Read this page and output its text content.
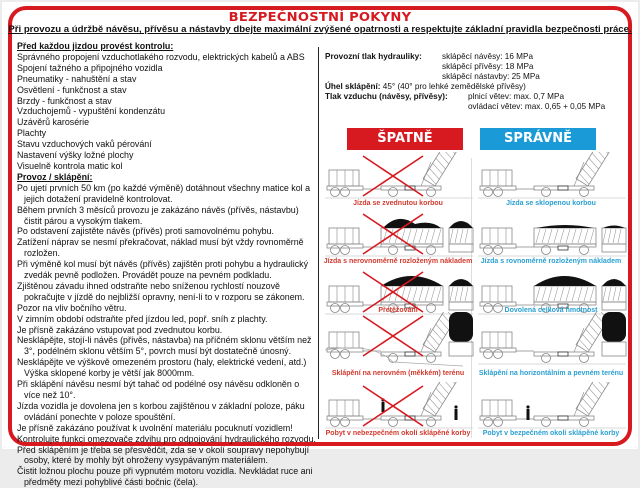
BEZPEČNOSTNÍ POKYNY
Při provozu a údržbě návěsu, přívěsu a nástavby dbejte maximální zvýšené opatrnosti a respektujte základní pravidla bezpečnosti práce.
Před každou jizdou provést kontrolu:
Správného propojení vzduchotlakého rozvodu, elektrických kabelů a ABS
Spojení tažného a připojného vozidla
Pneumatiky - nahuštění a stav
Osvětlení - funkčnost a stav
Brzdy - funkčnost a stav
Vzduchojemů - vypuštění kondenzátu
Uzávěrů karosérie
Plachty
Stavu vzduchových vaků pérování
Nastavení výšky ložné plochy
Visuelně kontrola matic kol
Provoz / sklápění:
Po ujetí prvních 50 km (po každé výměně) dotáhnout všechny matice kol a jejich dotažení pravidelně kontrolovat.
Během prvních 3 měsíců provozu je zakázáno návěs (přívěs, nástavbu) čistit párou a vysokým tlakem.
Po odstavení zajistěte návěs (přívěs) proti samovolnému pohybu.
Zatížení náprav se nesmí překračovat, náklad musí být vždy rovnoměrně rozložen.
Při výměně kol musí být návěs (přívěs) zajištěn proti pohybu a hydraulický zvedák pevně podložen. Provádět pouze na pevném podkladu.
Zjištěnou závadu ihned odstraňte nebo sníženou rychlostí nouzově pokračujte v jízdě do nejbližší opravny, není-li to v rozporu se zákonem.
Pozor na vliv bočního větru.
V zimním období odstraňte před jízdou led, popř. sníh z plachty.
Je přísně zakázáno vstupovat pod zvednutou korbu.
Nesklápějte, stojí-li návěs (přívěs, nástavba) na příčném sklonu větším než 3°, podélném sklonu větším 5°, povrch musí být dostatečně únosný.
Nesklápějte ve výškově omezeném prostoru (haly, elektrické vedení, atd.) Výška sklopené korby je větší jak 8000mm.
Při sklápění návěsu nesmí být tahač od podélné osy návěsu odkloněn o více než 10°.
Jízda vozidla je dovolena jen s korbou zajištěnou v základní poloze, páku ovládání ponechte v poloze spouštění.
Je přísně zakázáno používat k uvolnění materiálu pocuknutí vozidlem!
Kontrolujte funkci omezovače zdvihu pro odpojování hydraulického rozvodu.
Před sklápěním je třeba se přesvědčit, zda se v okolí soupravy nepohybují osoby, které by mohly být ohroženy vysypávaným materiálem.
Čistit ložnou plochu pouze při vypnutém motoru vozidla. Nevkládat ruce ani předměty mezi pohyblivé části bočnic (čela).
Provozní tlak hydrauliky: sklápěcí návěsy: 16 MPa
sklápěcí přívěsy: 18 MPa
sklápěcí nástavby: 25 MPa
Úhel sklápění: 45° (40° pro lehké zemědělské přívěsy)
Tlak vzduchu (návěsy, přívěsy): plnicí větev: max. 0,7 MPa
ovládací větev: max. 0,65 + 0,05 MPa
ŠPATNĚ	SPRÁVNĚ
Jízda se zvednutou korbou
Jízda s nerovnoměrně rozloženým nákladem
Přetěžování
Sklápění na nerovném (měkkém) terénu
Pobyt v nebezpečném okolí sklápěné korby
Jízda se sklopenou korbou
Jízda s rovnoměrně rozloženým nákladem
Dovolená celková hmotnost
Sklápění na horizontálním a pevném terénu
Pobyt v bezpečném okolí sklápěné korby
